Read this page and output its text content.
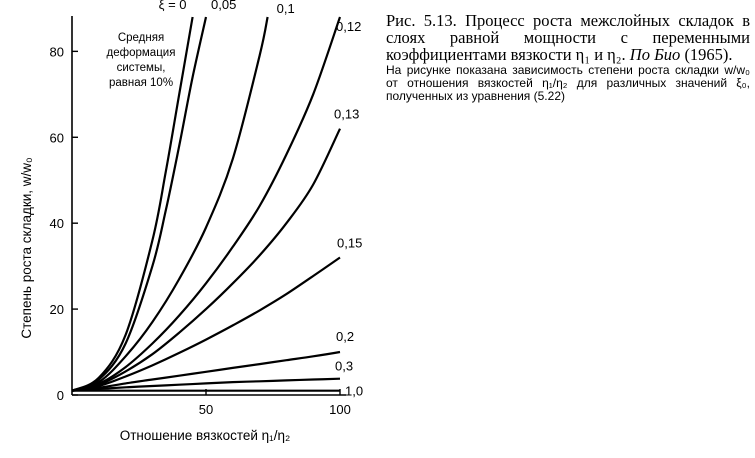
0
20
40
60
80
50	100
ξ = 0 0,05	0,1
0,12
0,13
0,15
0,2
0,3
1,0
Средняя
деформация
системы,
равная 10%
Отношение вязкостей η₁/η₂
Степень роста складки, w/w₀
Рис. 5.13. Процесс роста межслойных складок в слоях равной мощности с переменными коэффициентами вязкости η₁ и η₂. По Био (1965).
На рисунке показана зависимость степени роста складки w/w₀ от отношения вязкостей η₁/η₂ для различных значений ξ₀, полученных из уравнения (5.22)
